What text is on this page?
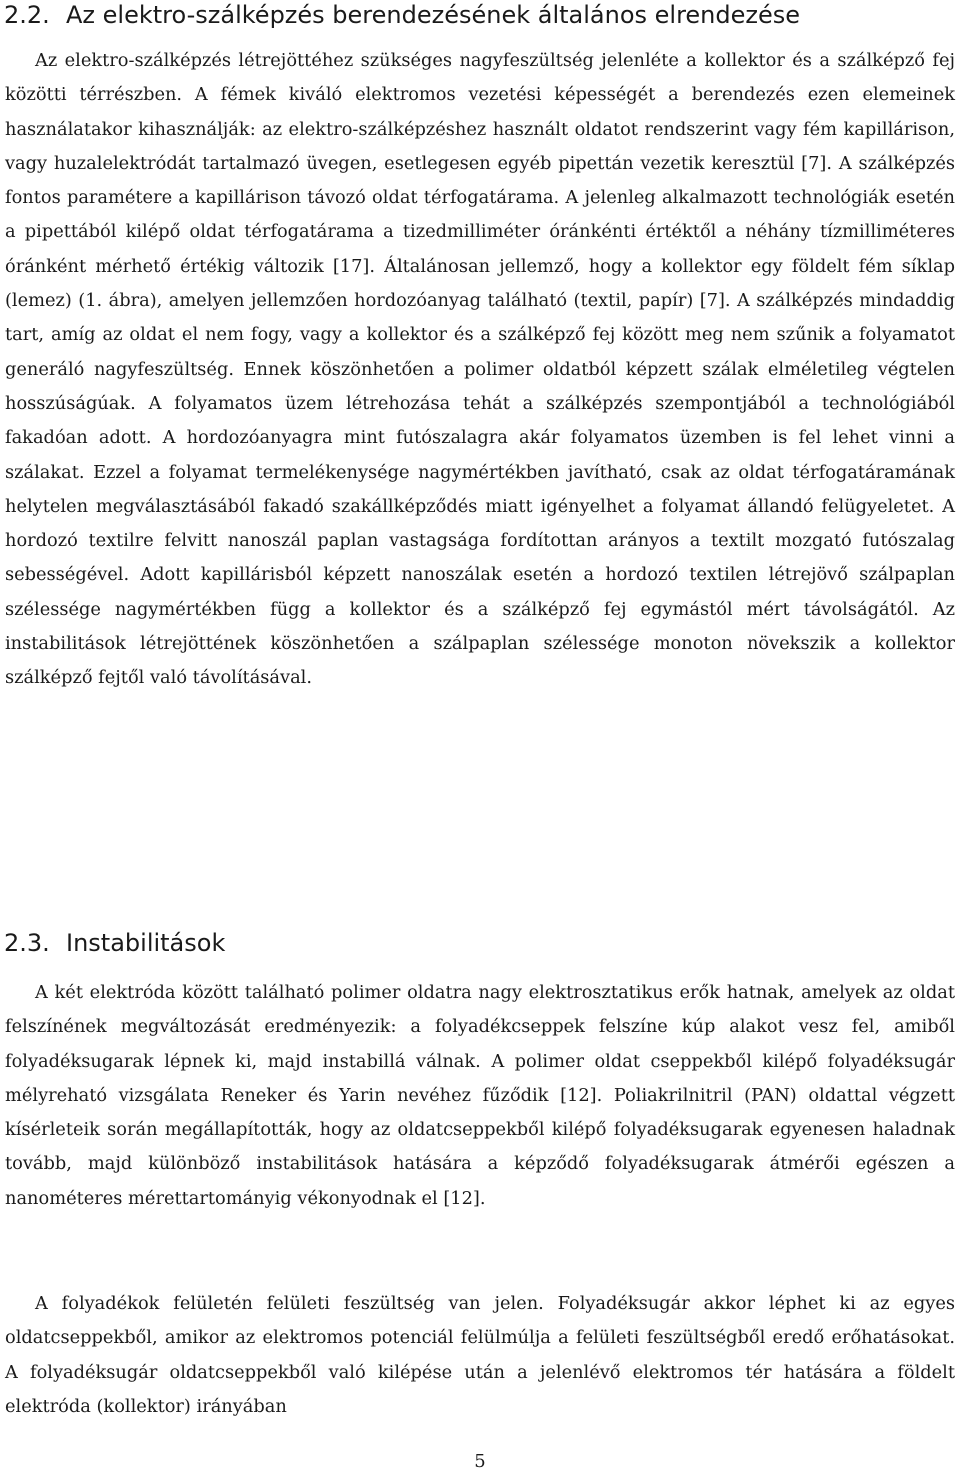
2.2. Az elektro-szálképzés berendezésének általános elrendezése

Az elektro-szálképzés létrejöttéhez szükséges nagyfeszültség jelenléte a kollektor és a szálképző fej közötti térrészben. A fémek kiváló elektromos vezetési képességét a berendezés ezen elemeinek használatakor kihasználják: az elektro-szálképzéshez használt oldatot rendszerint vagy fém kapillárison, vagy huzalelektródát tartalmazó üvegen, esetlegesen egyéb pipettán vezetik keresztül [7]. A szálképzés fontos paramétere a kapillárison távozó oldat térfogatárama. A jelenleg alkalmazott technológiák esetén a pipettából kilépő oldat térfogatárama a tizedmilliméter óránkénti értéktől a néhány tízmilliméteres óránként mérhető értékig változik [17]. Általánosan jellemző, hogy a kollektor egy földelt fém síklap (lemez) (1. ábra), amelyen jellemzően hordozóanyag található (textil, papír) [7]. A szálképzés mindaddig tart, amíg az oldat el nem fogy, vagy a kollektor és a szálképző fej között meg nem szűnik a folyamatot generáló nagyfeszültség. Ennek köszönhetően a polimer oldatból képzett szálak elméletileg végtelen hosszúságúak. A folyamatos üzem létrehozása tehát a szálképzés szempontjából a technológiából fakadóan adott. A hordozóanyagra mint futószalagra akár folyamatos üzemben is fel lehet vinni a szálakat. Ezzel a folyamat termelékenysége nagymértékben javítható, csak az oldat térfogatáramának helytelen megválasztásából fakadó szakállképződés miatt igényelhet a folyamat állandó felügyeletet. A hordozó textilre felvitt nanoszál paplan vastagsága fordítottan arányos a textilt mozgató futószalag sebességével. Adott kapillárisból képzett nanoszálak esetén a hordozó textilen létrejövő szálpaplan szélessége nagymértékben függ a kollektor és a szálképző fej egymástól mért távolságától. Az instabilitások létrejöttének köszönhetően a szálpaplan szélessége monoton növekszik a kollektor szálképző fejtől való távolításával.

2.3. Instabilitások

A két elektróda között található polimer oldatra nagy elektrosztatikus erők hatnak, amelyek az oldat felszínének megváltozását eredményezik: a folyadékcseppek felszíne kúp alakot vesz fel, amiből folyadéksugarak lépnek ki, majd instabillá válnak. A polimer oldat cseppekből kilépő folyadéksugár mélyreható vizsgálata Reneker és Yarin nevéhez fűződik [12]. Poliakrilnitril (PAN) oldattal végzett kísérleteik során megállapították, hogy az oldatcseppekből kilépő folyadéksugarak egyenesen haladnak tovább, majd különböző instabilitások hatására a képződő folyadéksugarak átmérői egészen a nanométeres mérettartományig vékonyodnak el [12].

A folyadékok felületén felületi feszültség van jelen. Folyadéksugár akkor léphet ki az egyes oldatcseppekből, amikor az elektromos potenciál felülmúlja a felületi feszültségből eredő erőhatásokat. A folyadéksugár oldatcseppekből való kilépése után a jelenlévő elektromos tér hatására a földelt elektróda (kollektor) irányában

5
